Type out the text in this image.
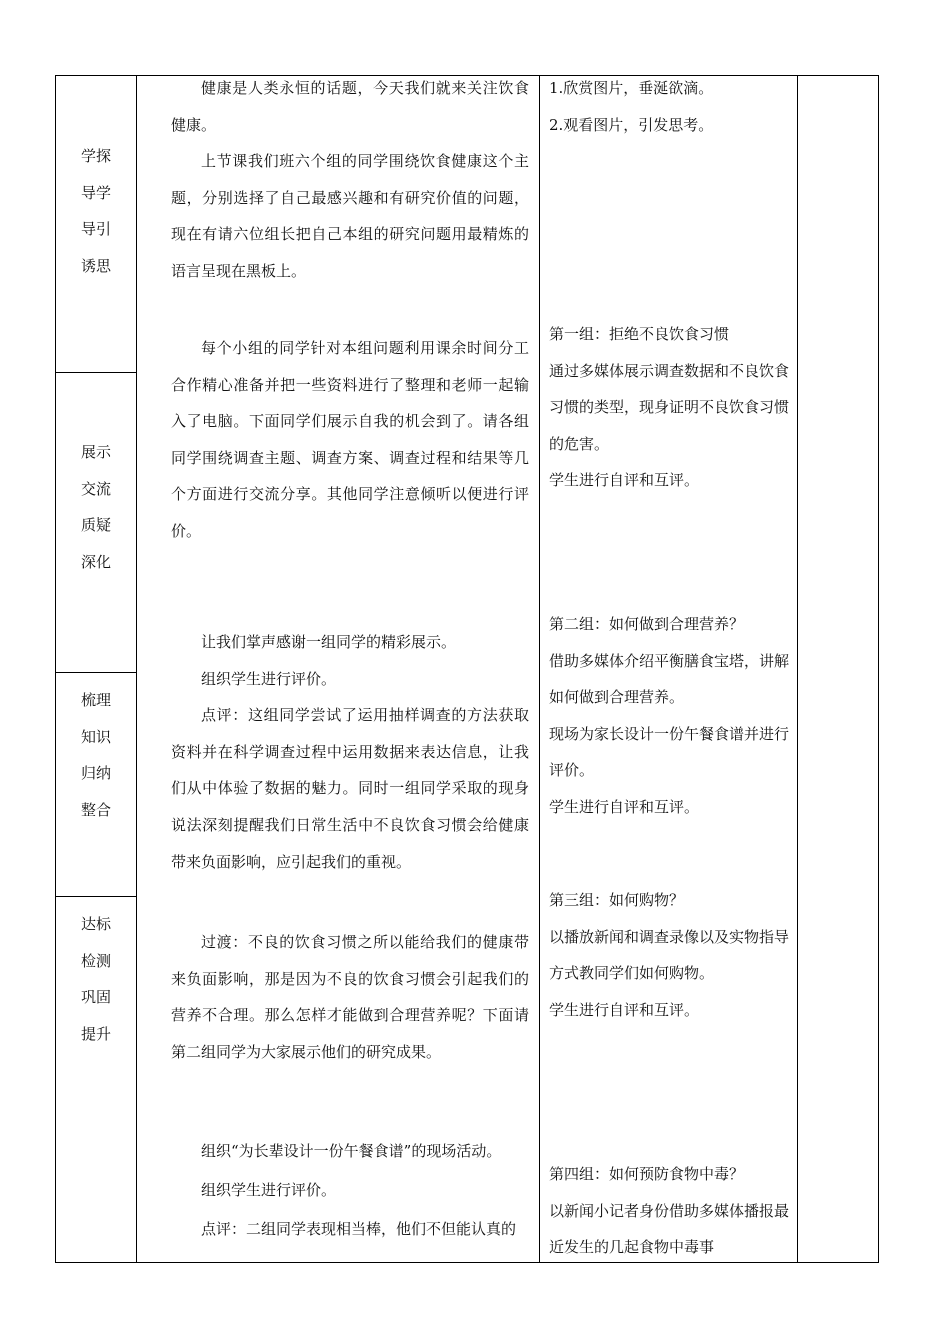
学探
导学
导引
诱思
展示
交流
质疑
深化
梳理
知识
归纳
整合
达标
检测
巩固
提升

健康是人类永恒的话题，今天我们就来关注饮食健康。

上节课我们班六个组的同学围绕饮食健康这个主题，分别选择了自己最感兴趣和有研究价值的问题，现在有请六位组长把自己本组的研究问题用最精炼的语言呈现在黑板上。

每个小组的同学针对本组问题利用课余时间分工合作精心准备并把一些资料进行了整理和老师一起输入了电脑。下面同学们展示自我的机会到了。请各组同学围绕调查主题、调查方案、调查过程和结果等几个方面进行交流分享。其他同学注意倾听以便进行评价。

让我们掌声感谢一组同学的精彩展示。

组织学生进行评价。

点评：这组同学尝试了运用抽样调查的方法获取资料并在科学调查过程中运用数据来表达信息，让我们从中体验了数据的魅力。同时一组同学采取的现身说法深刻提醒我们日常生活中不良饮食习惯会给健康带来负面影响，应引起我们的重视。

过渡：不良的饮食习惯之所以能给我们的健康带来负面影响，那是因为不良的饮食习惯会引起我们的营养不合理。那么怎样才能做到合理营养呢？下面请第二组同学为大家展示他们的研究成果。

组织“为长辈设计一份午餐食谱”的现场活动。

组织学生进行评价。

点评：二组同学表现相当棒，他们不但能认真的

1.欣赏图片，垂涎欲滴。

2.观看图片，引发思考。

第一组：拒绝不良饮食习惯

通过多媒体展示调查数据和不良饮食习惯的类型，现身证明不良饮食习惯的危害。

学生进行自评和互评。

第二组：如何做到合理营养？

借助多媒体介绍平衡膳食宝塔，讲解如何做到合理营养。

现场为家长设计一份午餐食谱并进行评价。

学生进行自评和互评。

第三组：如何购物？

以播放新闻和调查录像以及实物指导方式教同学们如何购物。

学生进行自评和互评。

第四组：如何预防食物中毒？

以新闻小记者身份借助多媒体播报最近发生的几起食物中毒事
